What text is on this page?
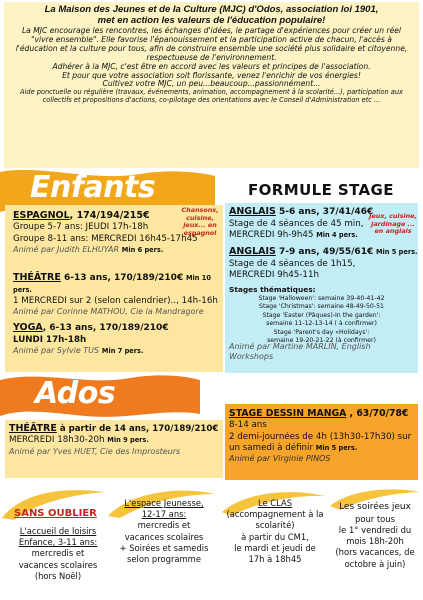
La Maison des Jeunes et de la Culture (MJC) d'Odos, association loi 1901,
met en action les valeurs de l'éducation populaire!

La MJC encourage les rencontres, les échanges d'idées, le partage d'expériences pour créer un réel "vivre ensemble". Elle favorise l'épanouissement et la participation active de chacun, l'accès à l'éducation et la culture pour tous, afin de construire ensemble une société plus solidaire et citoyenne, respectueuse de l'environnement.

Adhérer à la MJC, c'est être en accord avec les valeurs et principes de l'association.

Et pour que votre association soit florissante, venez l'enrichir de vos énergies!

Cultivez votre MJC, un peu...beaucoup...passionnément...

Aide ponctuelle ou régulière (travaux, événements, animation, accompagnement à la scolarité...), participation aux collectifs et propositions d'actions, co-pilotage des orientations avec le Conseil d'Administration etc ...

Enfants
ESPAGNOL, 174/194/215€
Groupe 5-7 ans: JEUDI 17h-18h
Groupe 8-11 ans: MERCREDI 16h45-17h45
Animé par Judith ELHUYAR Min 6 pers.
Chansons, cuisine, jeux... en espagnol
THÉÂTRE 6-13 ans, 170/189/210€ Min 10 pers.
1 MERCREDI sur 2 (selon calendrier).., 14h-16h
Animé par Corinne MATHOU, Cie la Mandragore
YOGA, 6-13 ans, 170/189/210€
LUNDI 17h-18h
Animé par Sylvie TUS Min 7 pers.
FORMULE STAGE
ANGLAIS 5-6 ans, 37/41/46€
Stage de 4 séances de 45 min,
MERCREDI 9h-9h45 Min 4 pers.
Jeux, cuisine, jardinage ... en anglais
ANGLAIS 7-9 ans, 49/55/61€ Min 5 pers.
Stage de 4 séances de 1h15,
MERCREDI 9h45-11h
Stages thématiques:
Stage 'Halloween': semaine 39-40-41-42
Stage 'Christmas': semaine 48-49-50-51
Stage 'Easter (Pâques)-In the garden':
semaine 11-12-13-14 ( à confirmer)
Stage 'Parent's day «Holidays':
semaine 19-20-21-22 (à confirmer)
Animé par Martine MARLIN, English
Workshops
Ados
THÉÂTRE à partir de 14 ans, 170/189/210€
MERCREDI 18h30-20h Min 9 pers.
Animé par Yves HUET, Cie des Improsteurs
STAGE DESSIN MANGA , 63/70/78€
8-14 ans
2 demi-journées de 4h (13h30-17h30) sur
un samedi à définir Min 5 pers.
Animé par Virginie PINOS
SANS OUBLIER
L'accueil de loisirs
Enfance, 3-11 ans:
mercredis et
vacances scolaires
(hors Noël)
L'espace Jeunesse,
12-17 ans:
mercredis et
vacances scolaires
+ Soirées et samedis
selon programme
Le CLAS
(accompagnement à la
scolarité)
à partir du CM1,
le mardi et jeudi de
17h à 18h45
Les soirées jeux
pour tous
le 1° vendredi du
mois 18h-20h
(hors vacances, de
octobre à juin)
